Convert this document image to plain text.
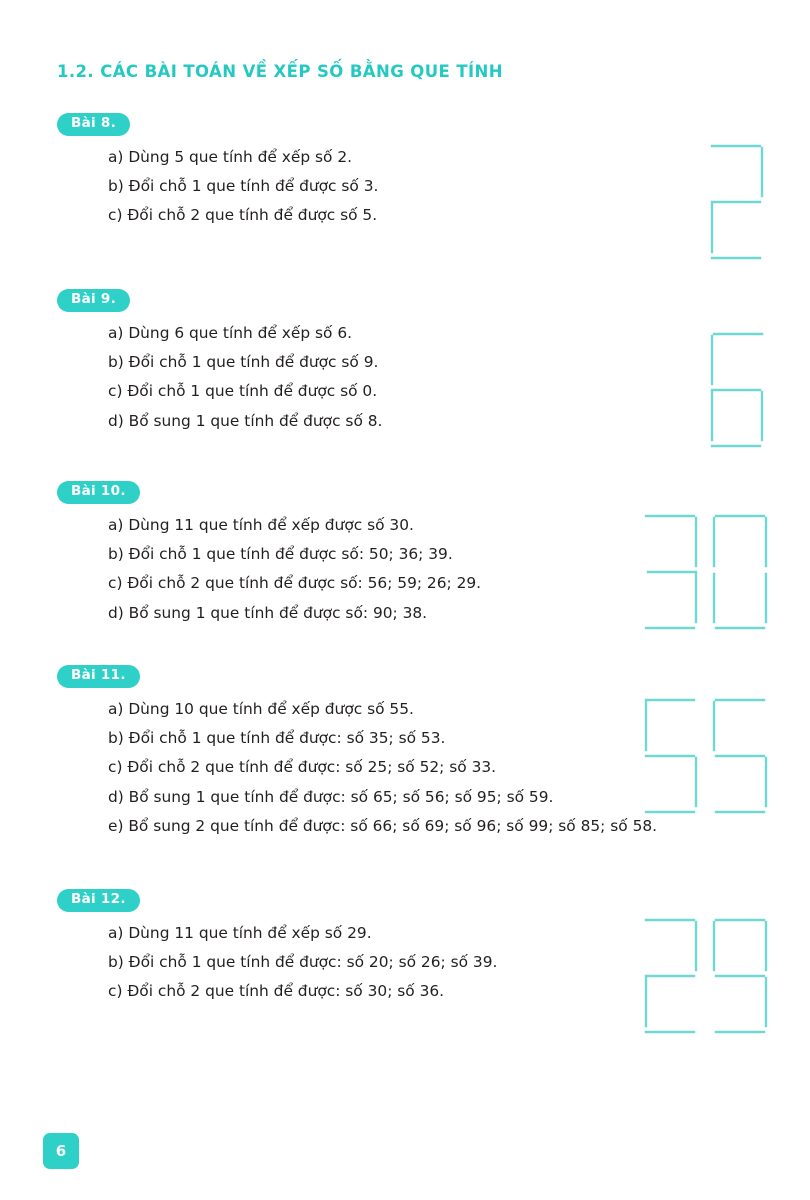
1.2. CÁC BÀI TOÁN VỀ XẾP SỐ BẰNG QUE TÍNH
Bài 8.
a) Dùng 5 que tính để xếp số 2.
b) Đổi chỗ 1 que tính để được số 3.
c) Đổi chỗ 2 que tính để được số 5.
Bài 9.
a) Dùng 6 que tính để xếp số 6.
b) Đổi chỗ 1 que tính để được số 9.
c) Đổi chỗ 1 que tính để được số 0.
d) Bổ sung 1 que tính để được số 8.
Bài 10.
a) Dùng 11 que tính để xếp được số 30.
b) Đổi chỗ 1 que tính để được số: 50; 36; 39.
c) Đổi chỗ 2 que tính để được số: 56; 59; 26; 29.
d) Bổ sung 1 que tính để được số: 90; 38.
Bài 11.
a) Dùng 10 que tính để xếp được số 55.
b) Đổi chỗ 1 que tính để được: số 35; số 53.
c) Đổi chỗ 2 que tính để được: số 25; số 52; số 33.
d) Bổ sung 1 que tính để được: số 65; số 56; số 95; số 59.
e) Bổ sung 2 que tính để được: số 66; số 69; số 96; số 99; số 85; số 58.
Bài 12.
a) Dùng 11 que tính để xếp số 29.
b) Đổi chỗ 1 que tính để được: số 20; số 26; số 39.
c) Đổi chỗ 2 que tính để được: số 30; số 36.
6
